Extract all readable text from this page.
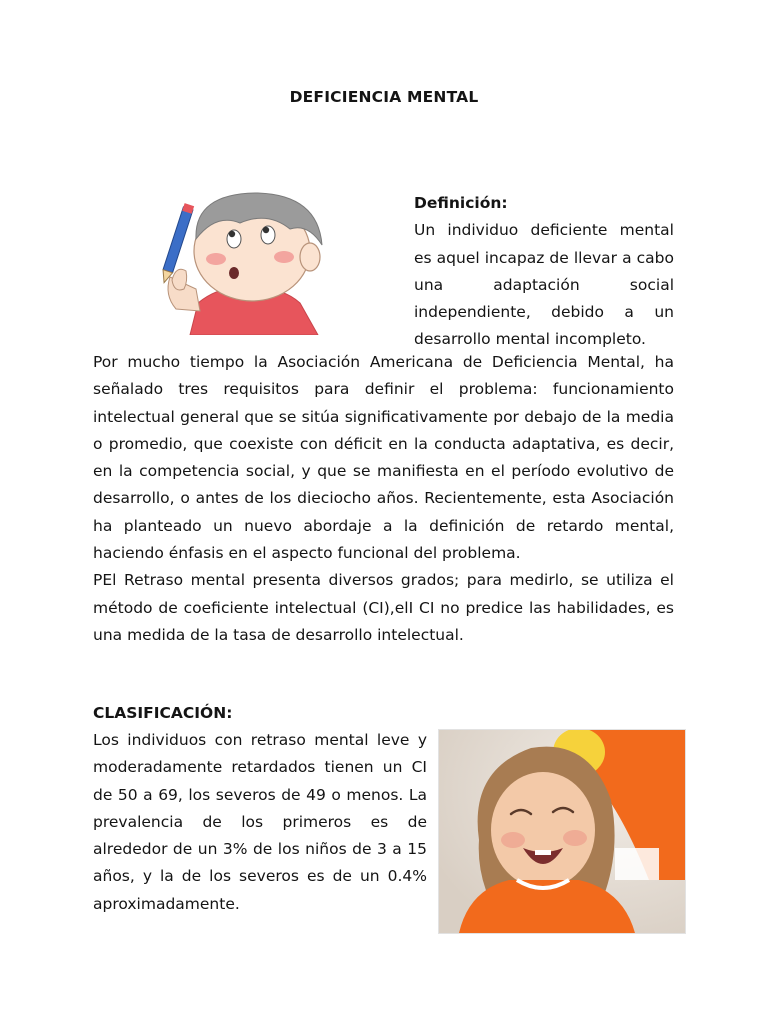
DEFICIENCIA MENTAL
Definición:
Un individuo deficiente mental es aquel incapaz de llevar a cabo una adaptación social independiente, debido a un desarrollo mental incompleto.

Por mucho tiempo la Asociación Americana de Deficiencia Mental, ha señalado tres requisitos para definir el problema: funcionamiento intelectual general que se sitúa significativamente por debajo de la media o promedio, que coexiste con déficit en la conducta adaptativa, es decir, en la competencia social, y que se manifiesta en el período evolutivo de desarrollo, o antes de los dieciocho años. Recientemente, esta Asociación ha planteado un nuevo abordaje a la definición de retardo mental, haciendo énfasis en el aspecto funcional del problema.

PEl Retraso mental presenta diversos grados; para medirlo, se utiliza el método de coeficiente intelectual (CI),elI CI no predice las habilidades, es una medida de la tasa de desarrollo intelectual.

CLASIFICACIÓN:

Los individuos con retraso mental leve y moderadamente retardados tienen un CI de 50 a 69, los severos de 49 o menos. La prevalencia de los primeros es de alrededor de un 3% de los niños de 3 a 15 años, y la de los severos es de un 0.4% aproximadamente.
